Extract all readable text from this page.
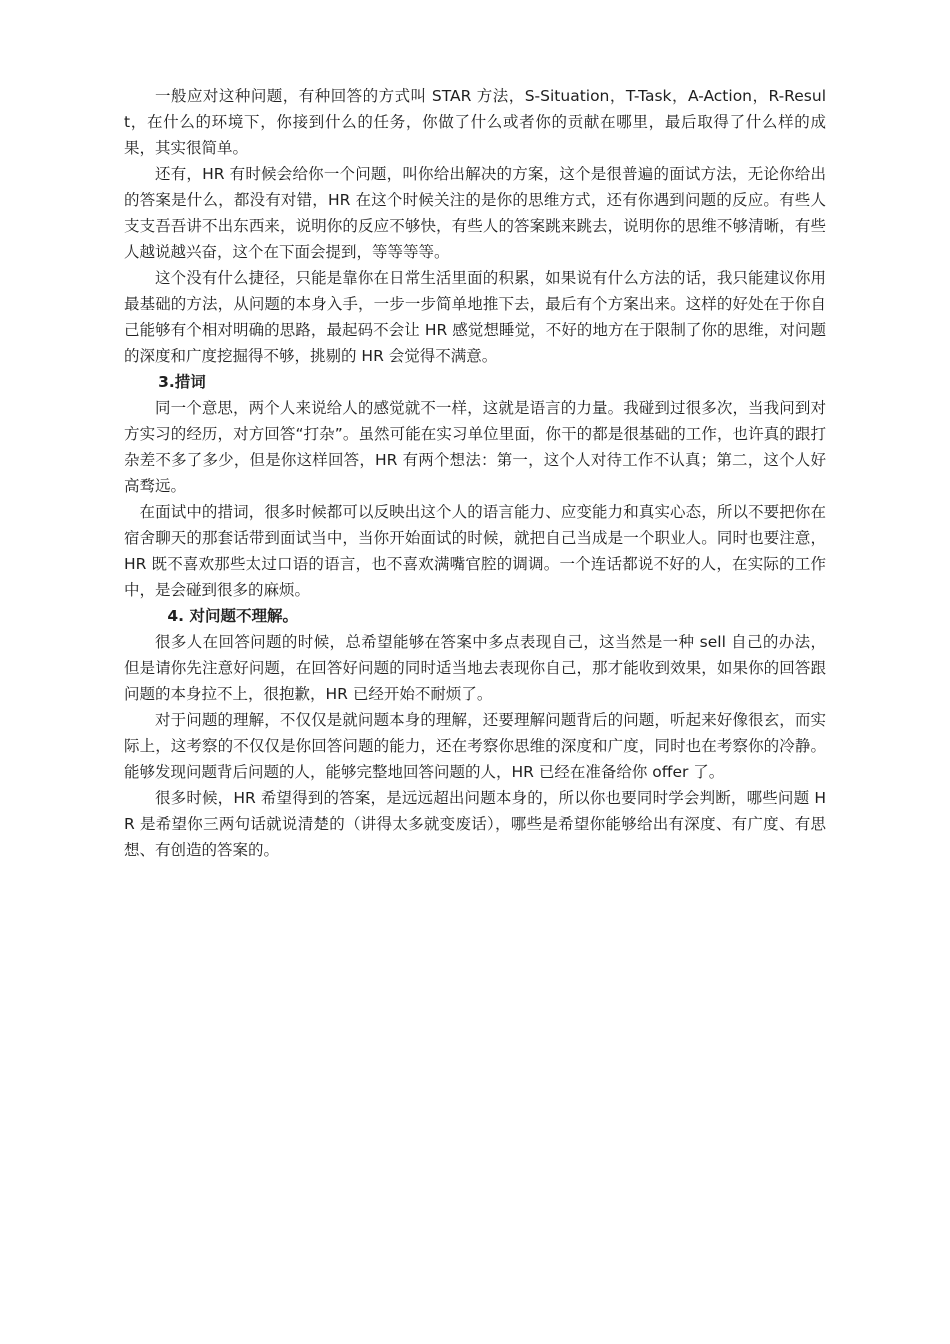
一般应对这种问题，有种回答的方式叫 STAR 方法，S-Situation，T-Task，A-Action，R-Result，在什么的环境下，你接到什么的任务，你做了什么或者你的贡献在哪里，最后取得了什么样的成果，其实很简单。

还有，HR 有时候会给你一个问题，叫你给出解决的方案，这个是很普遍的面试方法，无论你给出的答案是什么，都没有对错，HR 在这个时候关注的是你的思维方式，还有你遇到问题的反应。有些人支支吾吾讲不出东西来，说明你的反应不够快，有些人的答案跳来跳去，说明你的思维不够清晰，有些人越说越兴奋，这个在下面会提到，等等等等。

这个没有什么捷径，只能是靠你在日常生活里面的积累，如果说有什么方法的话，我只能建议你用最基础的方法，从问题的本身入手，一步一步简单地推下去，最后有个方案出来。这样的好处在于你自己能够有个相对明确的思路，最起码不会让 HR 感觉想睡觉，不好的地方在于限制了你的思维，对问题的深度和广度挖掘得不够，挑剔的 HR 会觉得不满意。

3.措词

同一个意思，两个人来说给人的感觉就不一样，这就是语言的力量。我碰到过很多次，当我问到对方实习的经历，对方回答“打杂”。虽然可能在实习单位里面，你干的都是很基础的工作，也许真的跟打杂差不多了多少，但是你这样回答，HR 有两个想法：第一，这个人对待工作不认真；第二，这个人好高骛远。

在面试中的措词，很多时候都可以反映出这个人的语言能力、应变能力和真实心态，所以不要把你在宿舍聊天的那套话带到面试当中，当你开始面试的时候，就把自己当成是一个职业人。同时也要注意，HR 既不喜欢那些太过口语的语言，也不喜欢满嘴官腔的调调。一个连话都说不好的人，在实际的工作中，是会碰到很多的麻烦。

4. 对问题不理解。

很多人在回答问题的时候，总希望能够在答案中多点表现自己，这当然是一种 sell 自己的办法，但是请你先注意好问题，在回答好问题的同时适当地去表现你自己，那才能收到效果，如果你的回答跟问题的本身拉不上，很抱歉，HR 已经开始不耐烦了。

对于问题的理解，不仅仅是就问题本身的理解，还要理解问题背后的问题，听起来好像很玄，而实际上，这考察的不仅仅是你回答问题的能力，还在考察你思维的深度和广度，同时也在考察你的冷静。能够发现问题背后问题的人，能够完整地回答问题的人，HR 已经在准备给你 offer 了。

很多时候，HR 希望得到的答案，是远远超出问题本身的，所以你也要同时学会判断，哪些问题 HR 是希望你三两句话就说清楚的（讲得太多就变废话），哪些是希望你能够给出有深度、有广度、有思想、有创造的答案的。
